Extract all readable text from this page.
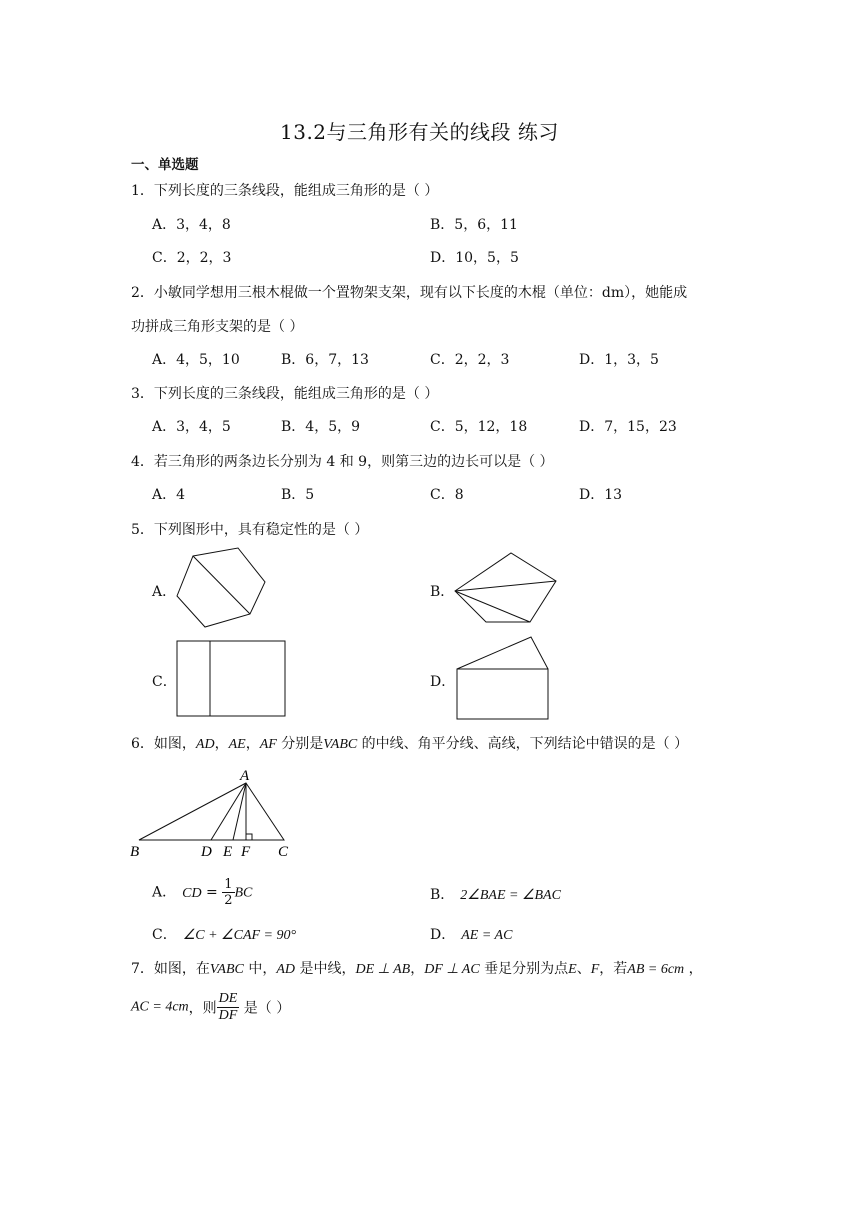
13.2与三角形有关的线段 练习
一、单选题
1．下列长度的三条线段，能组成三角形的是（ ）
A．3，4，8	B．5，6，11
C．2，2，3	D．10，5，5
2．小敏同学想用三根木棍做一个置物架支架，现有以下长度的木棍（单位：dm），她能成
功拼成三角形支架的是（ ）
A．4，5，10	B．6，7，13	C．2，2，3	D．1，3，5
3．下列长度的三条线段，能组成三角形的是（ ）
A．3，4，5	B．4，5，9	C．5，12，18	D．7，15，23
4．若三角形的两条边长分别为 4 和 9，则第三边的边长可以是（ ）
A．4	B．5	C．8	D．13
5．下列图形中，具有稳定性的是（ ）
A．	B．
C．	D．
6．如图，AD，AE，AF 分别是VABC 的中线、角平分线、高线，下列结论中错误的是（ ）
A
B	D E F C
A． CD = $\frac{1}{2}$ BC	B． 2∠BAE = ∠BAC
C． ∠C + ∠CAF = 90°	D． AE = AC
7．如图，在VABC 中，AD 是中线，DE ⊥ AB，DF ⊥ AC 垂足分别为点E、F，若AB = 6cm ，
AC = 4cm，则 $\frac{DE}{DF}$ 是（ ）
